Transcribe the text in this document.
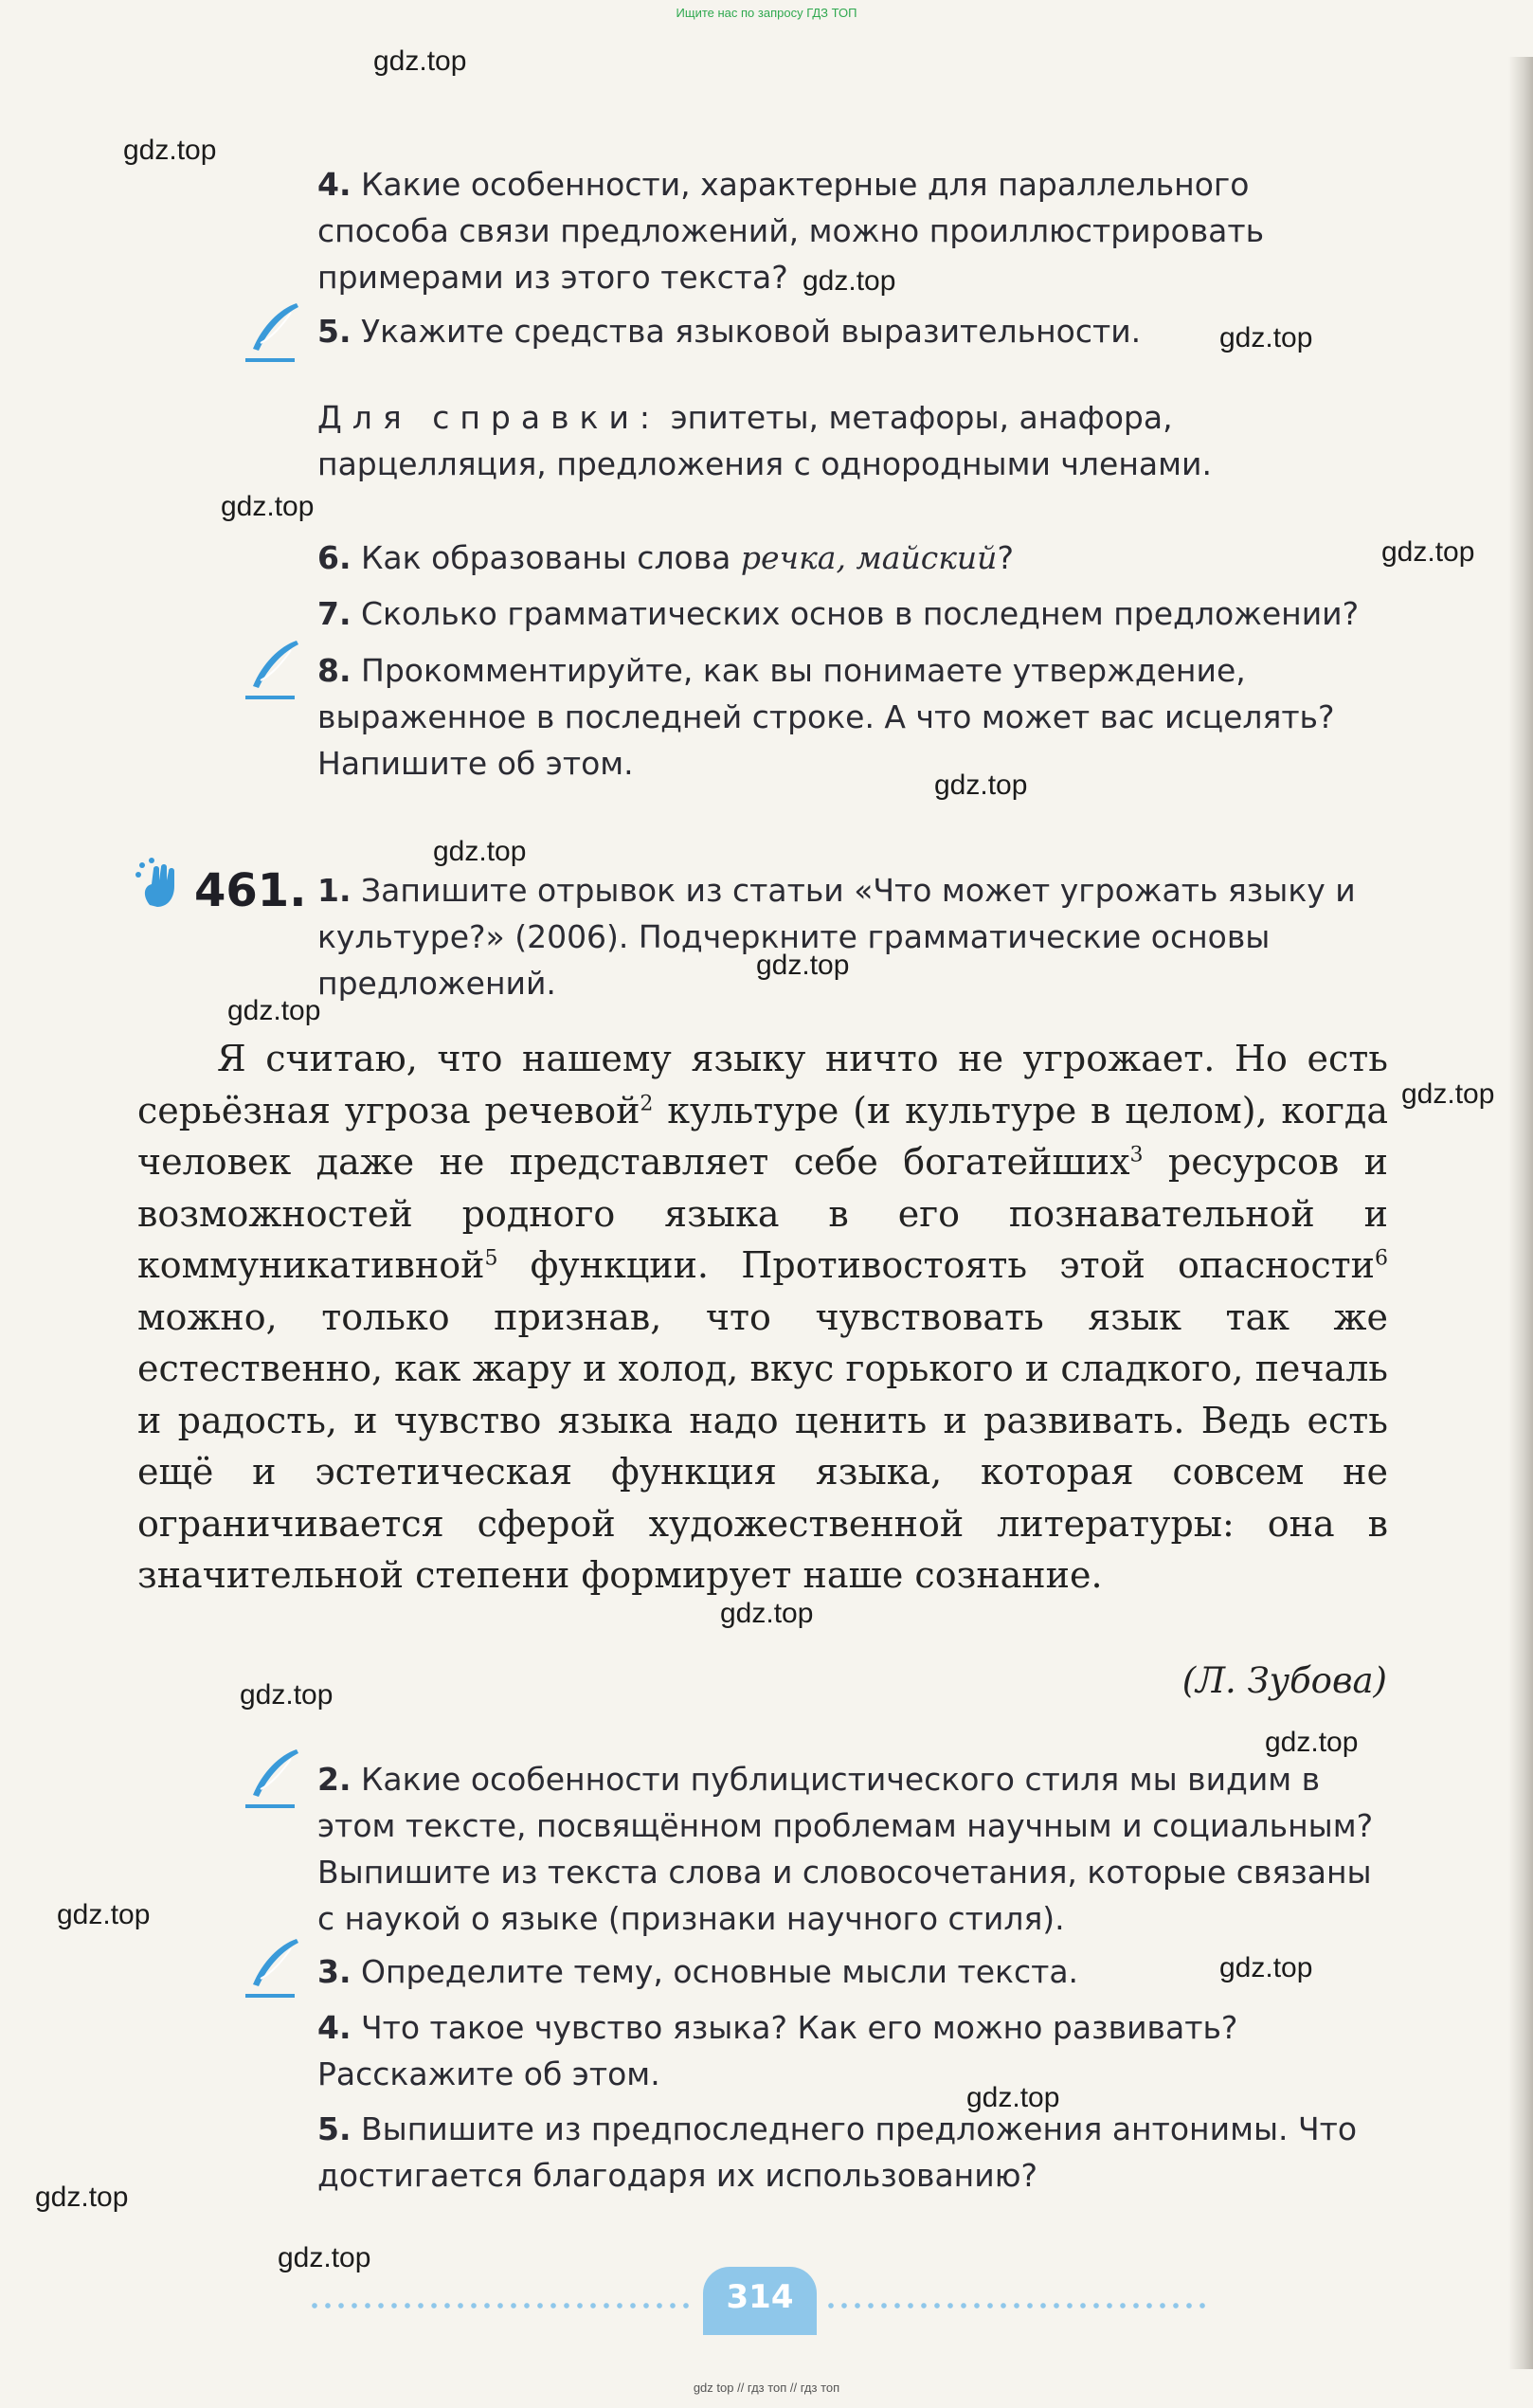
Ищите нас по запросу ГДЗ ТОП
4. Какие особенности, характерные для параллельного способа связи предложений, можно проиллюстрировать примерами из этого текста?
5. Укажите средства языковой выразительности.
Для справки: эпитеты, метафоры, анафора, парцелляция, предложения с однородными членами.
6. Как образованы слова речка, майский?
7. Сколько грамматических основ в последнем предложении?
8. Прокомментируйте, как вы понимаете утверждение, выраженное в последней строке. А что может вас исцелять? Напишите об этом.
461. 1. Запишите отрывок из статьи «Что может угрожать языку и культуре?» (2006). Подчеркните грамматические основы предложений.
Я считаю, что нашему языку ничто не угрожает. Но есть серьёзная угроза речевой$^2$ культуре (и культуре в целом), когда человек даже не представляет себе богатейших$^3$ ресурсов и возможностей родного языка в его познавательной и коммуникативной$^5$ функции. Противостоять этой опасности$^6$ можно, только признав, что чувствовать язык так же естественно, как жару и холод, вкус горького и сладкого, печаль и радость, и чувство языка надо ценить и развивать. Ведь есть ещё и эстетическая функция языка, которая совсем не ограничивается сферой художественной литературы: она в значительной степени формирует наше сознание.
(Л. Зубова)
2. Какие особенности публицистического стиля мы видим в этом тексте, посвящённом проблемам научным и социальным? Выпишите из текста слова и словосочетания, которые связаны с наукой о языке (признаки научного стиля).
3. Определите тему, основные мысли текста.
4. Что такое чувство языка? Как его можно развивать? Расскажите об этом.
5. Выпишите из предпоследнего предложения антонимы. Что достигается благодаря их использованию?
314
gdz top // гдз топ // гдз топ
gdz.top
gdz.top
gdz.top
gdz.top
gdz.top
gdz.top
gdz.top
gdz.top
gdz.top
gdz.top
gdz.top
gdz.top
gdz.top
gdz.top
gdz.top
gdz.top
gdz.top
gdz.top
gdz.top
